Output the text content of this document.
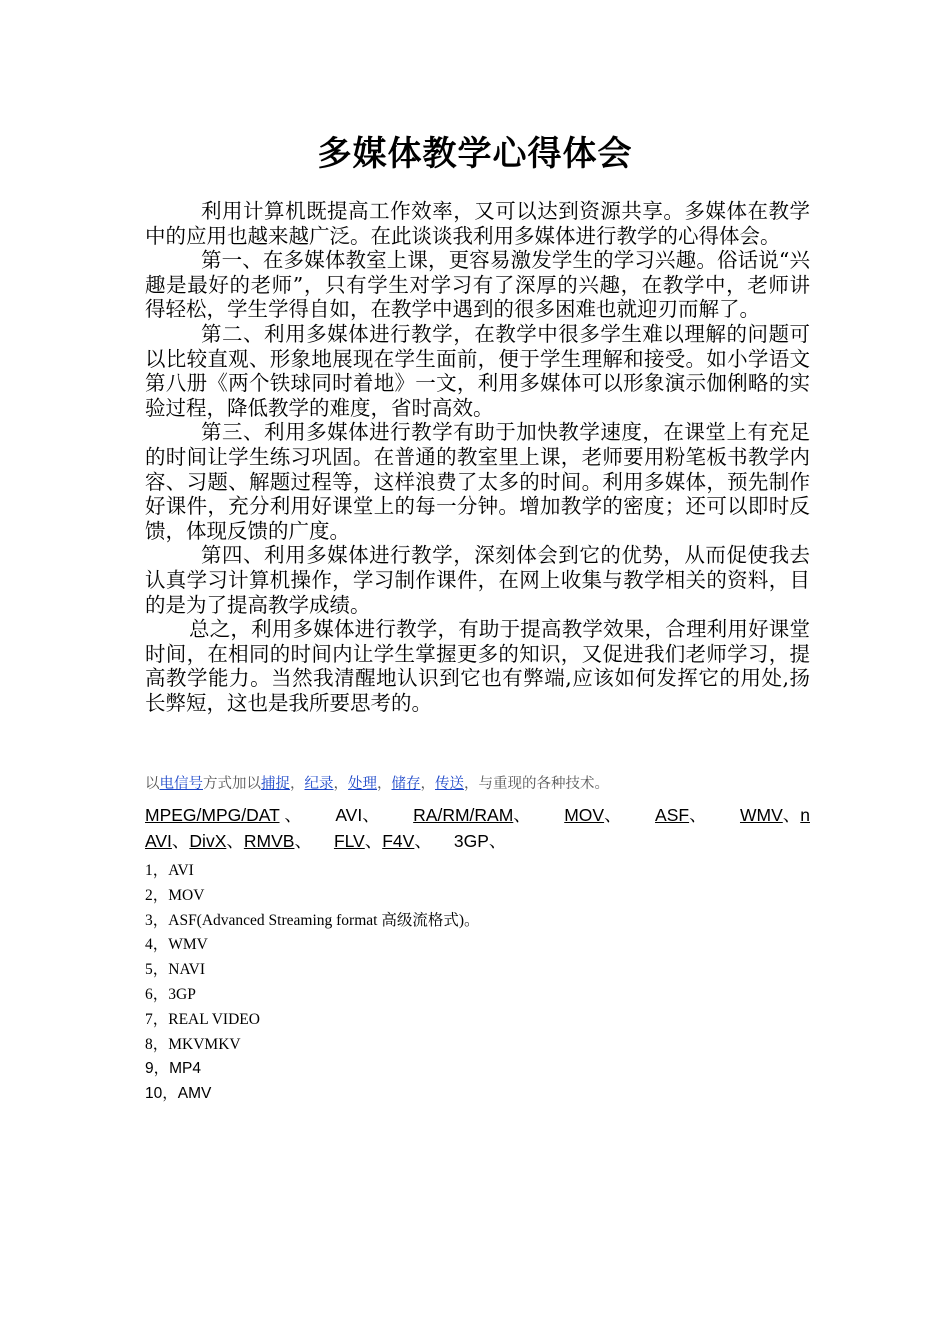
多媒体教学心得体会

利用计算机既提高工作效率，又可以达到资源共享。多媒体在教学中的应用也越来越广泛。在此谈谈我利用多媒体进行教学的心得体会。

第一、在多媒体教室上课，更容易激发学生的学习兴趣。俗话说“兴趣是最好的老师”，只有学生对学习有了深厚的兴趣，在教学中，老师讲得轻松，学生学得自如，在教学中遇到的很多困难也就迎刃而解了。

第二、利用多媒体进行教学，在教学中很多学生难以理解的问题可以比较直观、形象地展现在学生面前，便于学生理解和接受。如小学语文第八册《两个铁球同时着地》一文，利用多媒体可以形象演示伽俐略的实验过程，降低教学的难度，省时高效。

第三、利用多媒体进行教学有助于加快教学速度，在课堂上有充足的时间让学生练习巩固。在普通的教室里上课，老师要用粉笔板书教学内容、习题、解题过程等，这样浪费了太多的时间。利用多媒体，预先制作好课件，充分利用好课堂上的每一分钟。增加教学的密度；还可以即时反馈，体现反馈的广度。

第四、利用多媒体进行教学，深刻体会到它的优势，从而促使我去认真学习计算机操作，学习制作课件，在网上收集与教学相关的资料，目的是为了提高教学成绩。

总之，利用多媒体进行教学，有助于提高教学效果，合理利用好课堂时间，在相同的时间内让学生掌握更多的知识，又促进我们老师学习，提高教学能力。当然我清醒地认识到它也有弊端,应该如何发挥它的用处,扬长弊短，这也是我所要思考的。

以电信号方式加以捕捉，纪录，处理，储存，传送，与重现的各种技术。
MPEG/MPG/DAT 、 AVI、 RA/RM/RAM、 MOV、 ASF、 WMV、n
AVI、DivX、RMVB、 FLV、F4V、 3GP、
1，AVI
2，MOV
3，ASF(Advanced Streaming format 高级流格式)。
4，WMV
5，NAVI
6，3GP
7，REAL VIDEO
8，MKVMKV
9，MP4
10，AMV
